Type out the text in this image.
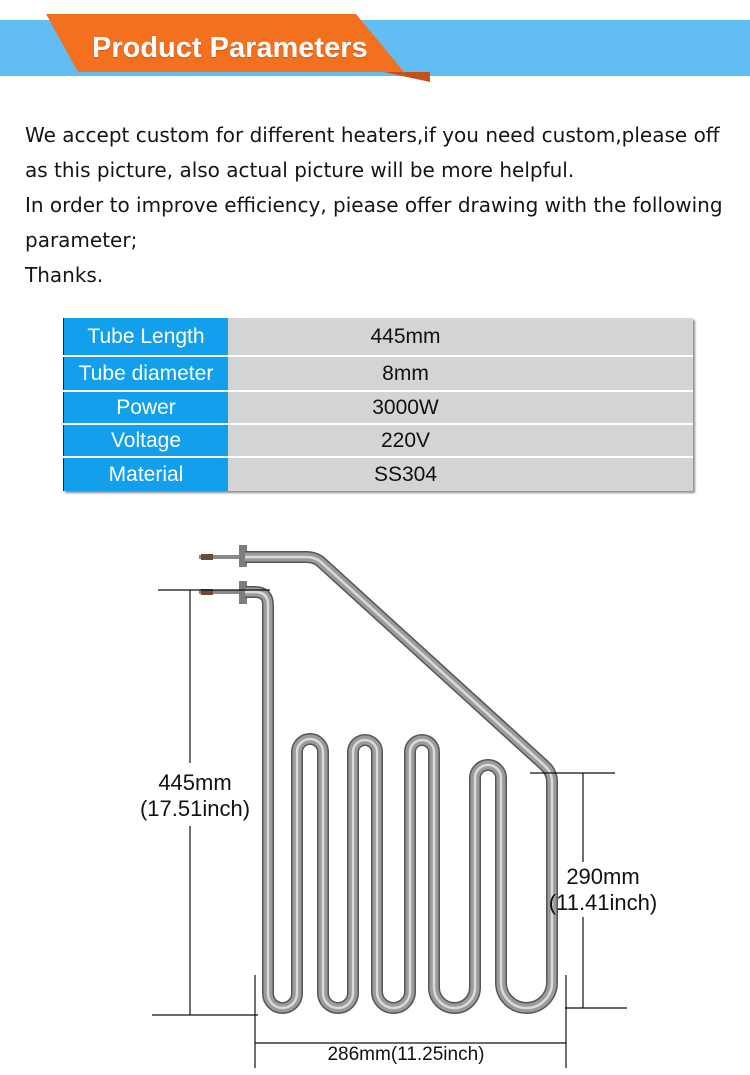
Product Parameters
We accept custom for different heaters,if you need custom,please off
as this picture, also actual picture will be more helpful.
In order to improve efficiency, piease offer drawing with the following
parameter;
Thanks.
Tube Length	445mm
Tube diameter	8mm
Power	3000W
Voltage	220V
Material	SS304
445mm
(17.51inch)
290mm
(11.41inch)
286mm(11.25inch)
